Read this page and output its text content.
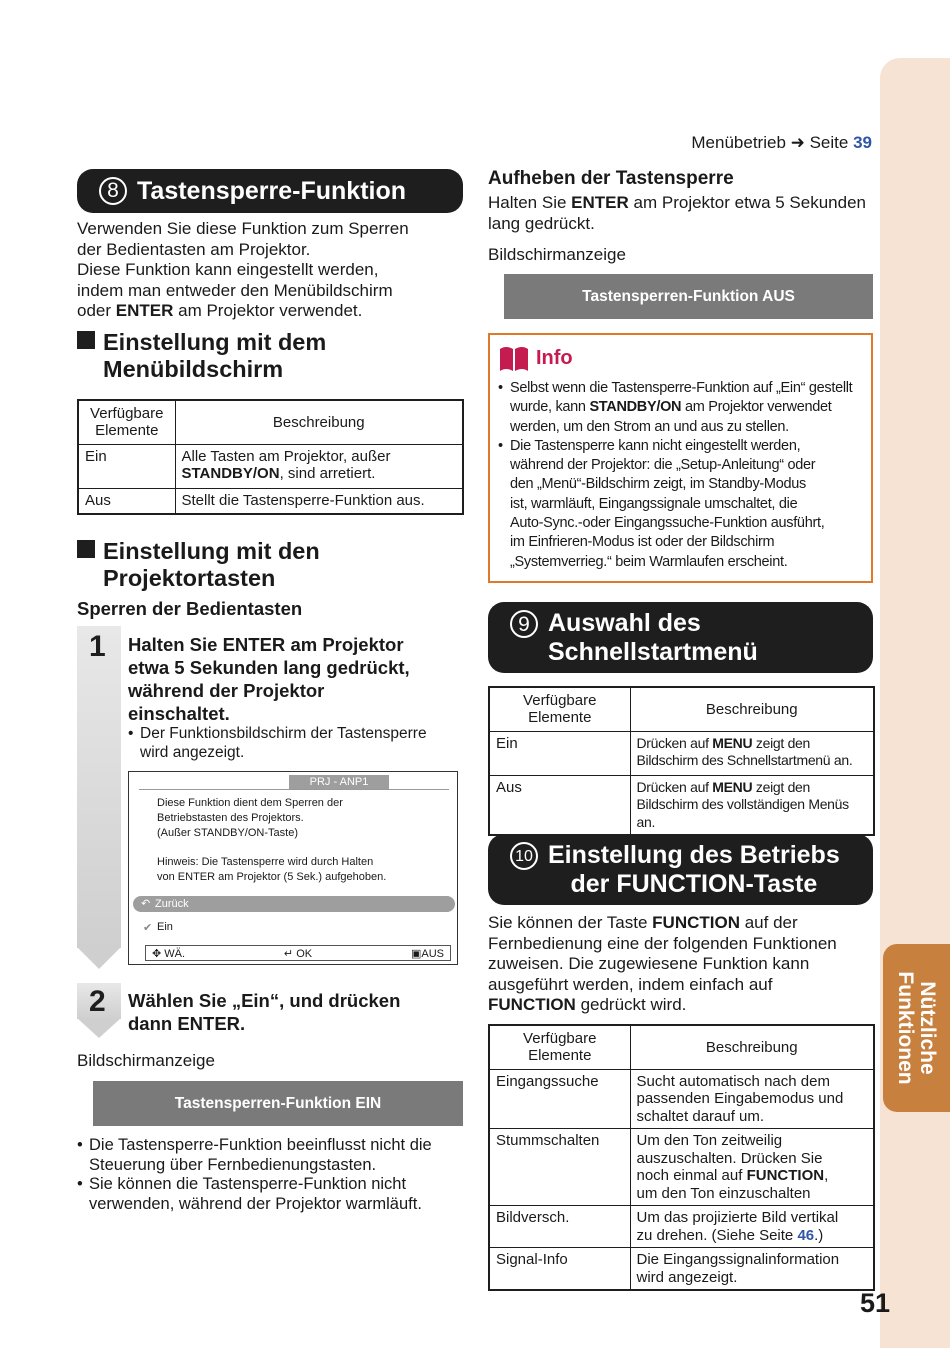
Nützliche
Funktionen
Menübetrieb ➜ Seite 39
8 Tastensperre-Funktion
Verwenden Sie diese Funktion zum Sperren
der Bedientasten am Projektor.
Diese Funktion kann eingestellt werden,
indem man entweder den Menübildschirm
oder ENTER am Projektor verwendet.
Einstellung mit dem
Menübildschirm
Verfügbare
Elemente	Beschreibung
Ein	Alle Tasten am Projektor, außer
STANDBY/ON, sind arretiert.
Aus	Stellt die Tastensperre-Funktion aus.
Einstellung mit den
Projektortasten
Sperren der Bedientasten
1 Halten Sie ENTER am Projektor
etwa 5 Sekunden lang gedrückt,
während der Projektor
einschaltet.
• Der Funktionsbildschirm der Tastensperre
wird angezeigt.
PRJ - ANP1
Diese Funktion dient dem Sperren der
Betriebstasten des Projektors.
(Außer STANDBY/ON-Taste)
Hinweis: Die Tastensperre wird durch Halten
von ENTER am Projektor (5 Sek.) aufgehoben.
↶ Zurück
✔ Ein
✥ WÄ.	↵ OK	▣AUS
2 Wählen Sie „Ein“, und drücken
dann ENTER.
Bildschirmanzeige
Tastensperren-Funktion EIN
• Die Tastensperre-Funktion beeinflusst nicht die
Steuerung über Fernbedienungstasten.
• Sie können die Tastensperre-Funktion nicht
verwenden, während der Projektor warmläuft.
Aufheben der Tastensperre
Halten Sie ENTER am Projektor etwa 5 Sekunden
lang gedrückt.
Bildschirmanzeige
Tastensperren-Funktion AUS
Info
• Selbst wenn die Tastensperre-Funktion auf „Ein“ gestellt
wurde, kann STANDBY/ON am Projektor verwendet
werden, um den Strom an und aus zu stellen.
• Die Tastensperre kann nicht eingestellt werden,
während der Projektor: die „Setup-Anleitung“ oder
den „Menü“-Bildschirm zeigt, im Standby-Modus
ist, warmläuft, Eingangssignale umschaltet, die
Auto-Sync.-oder Eingangssuche-Funktion ausführt,
im Einfrieren-Modus ist oder der Bildschirm
„Systemverrieg.“ beim Warmlaufen erscheint.
9 Auswahl des
Schnellstartmenü
Verfügbare
Elemente	Beschreibung
Ein	Drücken auf MENU zeigt den
Bildschirm des Schnellstartmenü an.
Aus	Drücken auf MENU zeigt den
Bildschirm des vollständigen Menüs an.
10 Einstellung des Betriebs
der FUNCTION-Taste
Sie können der Taste FUNCTION auf der
Fernbedienung eine der folgenden Funktionen
zuweisen. Die zugewiesene Funktion kann
ausgeführt werden, indem einfach auf
FUNCTION gedrückt wird.
Verfügbare
Elemente	Beschreibung
Eingangssuche	Sucht automatisch nach dem
passenden Eingabemodus und
schaltet darauf um.

Stummschalten	Um den Ton zeitweilig
auszuschalten. Drücken Sie
noch einmal auf FUNCTION,
um den Ton einzuschalten

Bildversch.	Um das projizierte Bild vertikal
zu drehen. (Siehe Seite 46.)

Signal-Info	Die Eingangssignalinformation
wird angezeigt.
51
